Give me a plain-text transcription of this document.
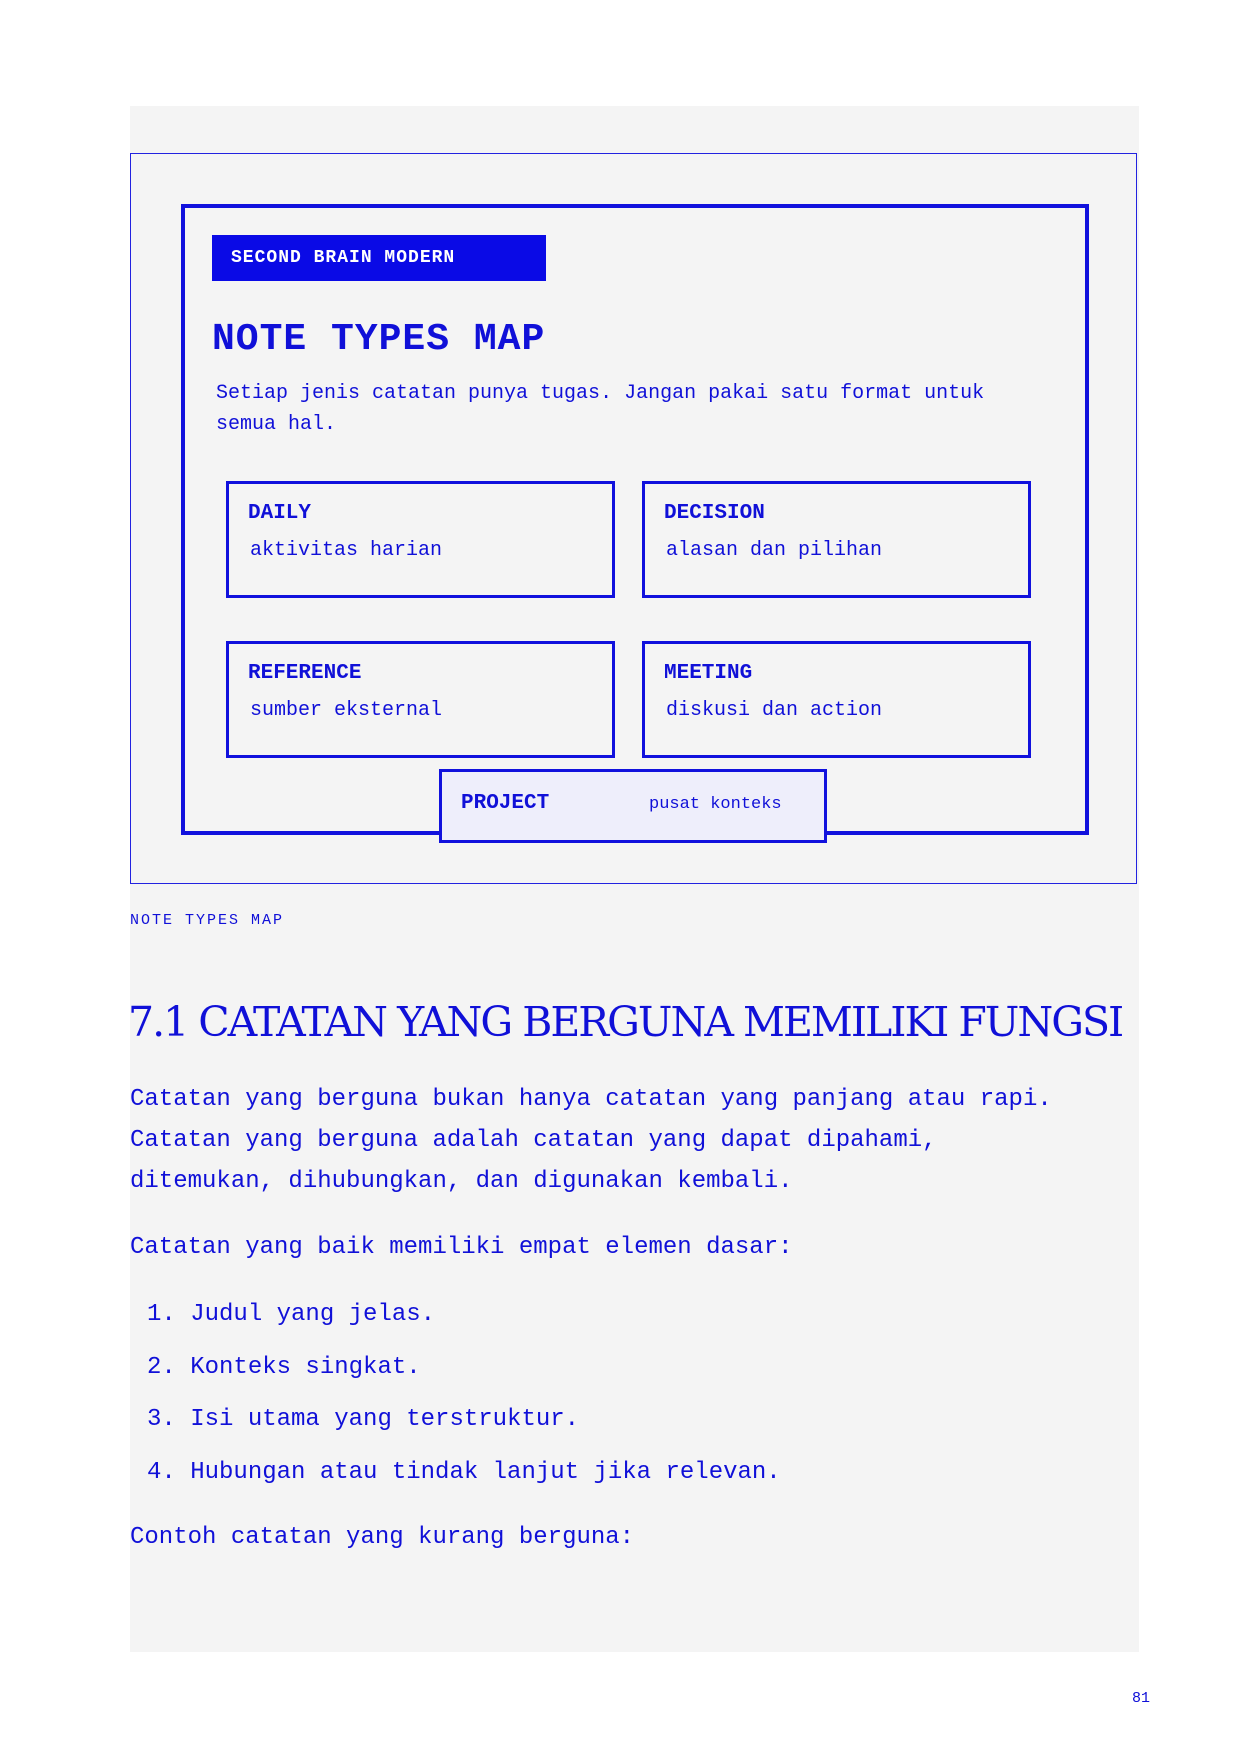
SECOND BRAIN MODERN
NOTE TYPES MAP
Setiap jenis catatan punya tugas. Jangan pakai satu format untuk semua hal.
DAILY
aktivitas harian
DECISION
alasan dan pilihan
REFERENCE
sumber eksternal
MEETING
diskusi dan action
PROJECT	pusat konteks
NOTE TYPES MAP
7.1 CATATAN YANG BERGUNA MEMILIKI FUNGSI
Catatan yang berguna bukan hanya catatan yang panjang atau rapi. Catatan yang berguna adalah catatan yang dapat dipahami, ditemukan, dihubungkan, dan digunakan kembali.
Catatan yang baik memiliki empat elemen dasar:
1. Judul yang jelas.
2. Konteks singkat.
3. Isi utama yang terstruktur.
4. Hubungan atau tindak lanjut jika relevan.
Contoh catatan yang kurang berguna:
81
